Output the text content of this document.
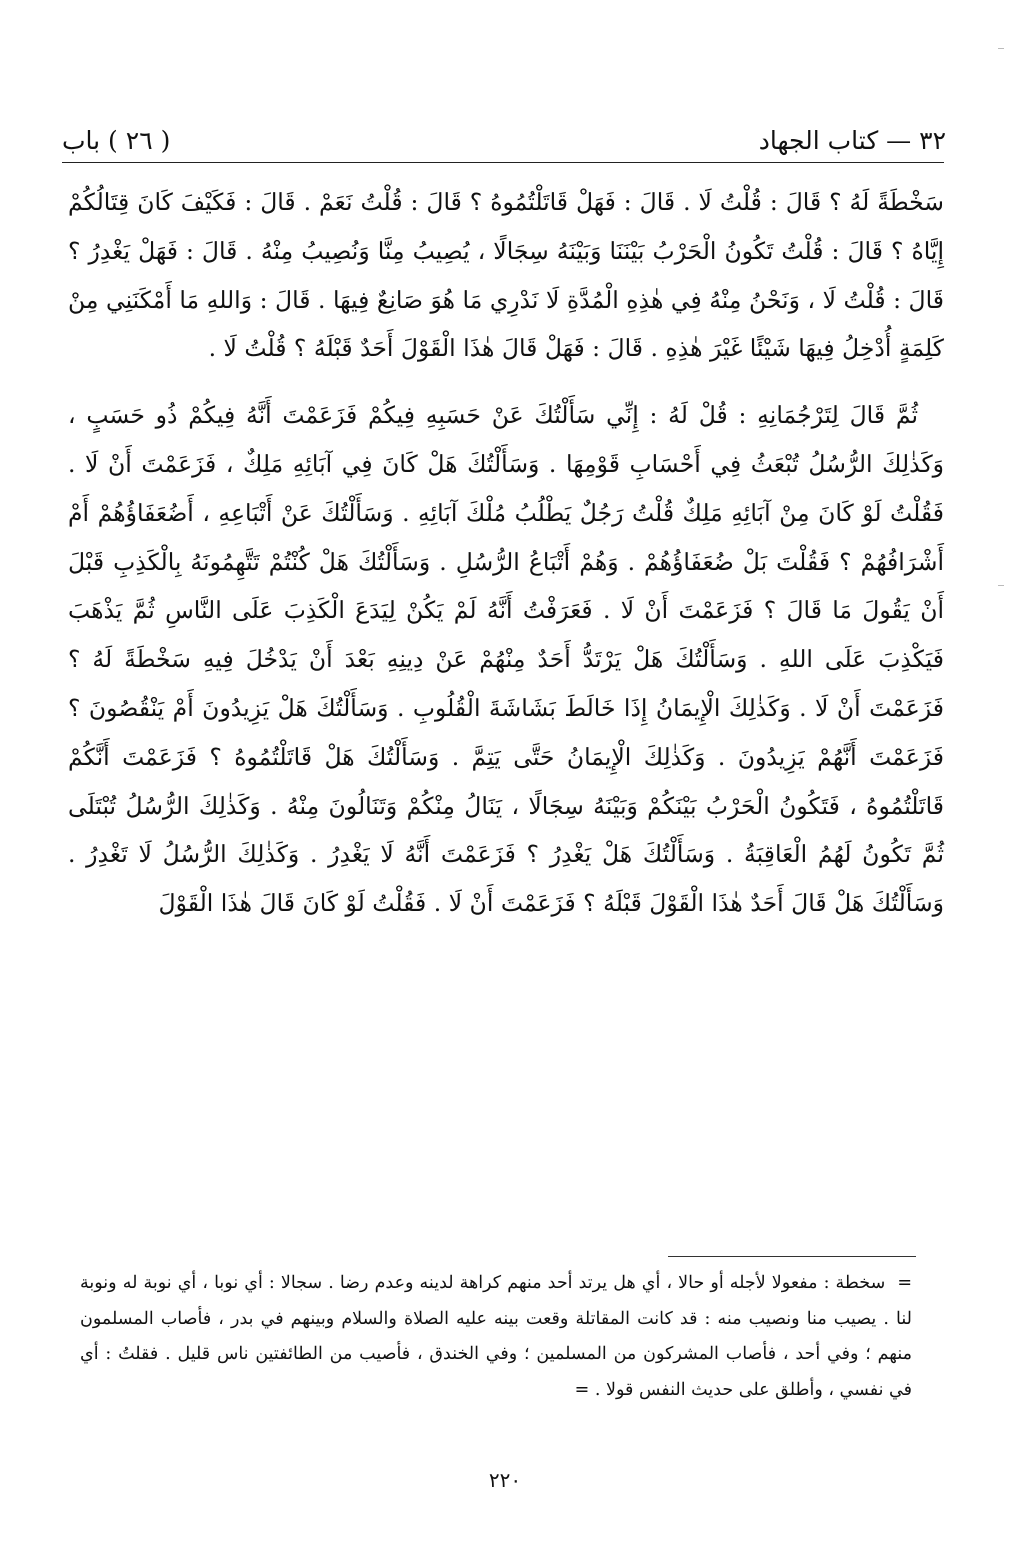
٣٢ — كتاب الجهاد
( ٢٦ ) باب

سَخْطَةً لَهُ ؟ قَالَ : قُلْتُ لَا . قَالَ : فَهَلْ قَاتَلْتُمُوهُ ؟ قَالَ : قُلْتُ نَعَمْ . قَالَ : فَكَيْفَ كَانَ قِتَالُكُمْ إِيَّاهُ ؟ قَالَ : قُلْتُ تَكُونُ الْحَرْبُ بَيْنَنَا وَبَيْنَهُ سِجَالًا ، يُصِيبُ مِنَّا وَنُصِيبُ مِنْهُ . قَالَ : فَهَلْ يَغْدِرُ ؟ قَالَ : قُلْتُ لَا ، وَنَحْنُ مِنْهُ فِي هٰذِهِ الْمُدَّةِ لَا نَدْرِي مَا هُوَ صَانِعٌ فِيهَا . قَالَ : وَاللهِ مَا أَمْكَنَنِي مِنْ كَلِمَةٍ أُدْخِلُ فِيهَا شَيْئًا غَيْرَ هٰذِهِ . قَالَ : فَهَلْ قَالَ هٰذَا الْقَوْلَ أَحَدٌ قَبْلَهُ ؟ قُلْتُ لَا .

ثُمَّ قَالَ لِتَرْجُمَانِهِ : قُلْ لَهُ : إِنِّي سَأَلْتُكَ عَنْ حَسَبِهِ فِيكُمْ فَزَعَمْتَ أَنَّهُ فِيكُمْ ذُو حَسَبٍ ، وَكَذٰلِكَ الرُّسُلُ تُبْعَثُ فِي أَحْسَابِ قَوْمِهَا . وَسَأَلْتُكَ هَلْ كَانَ فِي آبَائِهِ مَلِكٌ ، فَزَعَمْتَ أَنْ لَا . فَقُلْتُ لَوْ كَانَ مِنْ آبَائِهِ مَلِكٌ قُلْتُ رَجُلٌ يَطْلُبُ مُلْكَ آبَائِهِ . وَسَأَلْتُكَ عَنْ أَتْبَاعِهِ ، أَضُعَفَاؤُهُمْ أَمْ أَشْرَافُهُمْ ؟ فَقُلْتَ بَلْ ضُعَفَاؤُهُمْ . وَهُمْ أَتْبَاعُ الرُّسُلِ . وَسَأَلْتُكَ هَلْ كُنْتُمْ تَتَّهِمُونَهُ بِالْكَذِبِ قَبْلَ أَنْ يَقُولَ مَا قَالَ ؟ فَزَعَمْتَ أَنْ لَا . فَعَرَفْتُ أَنَّهُ لَمْ يَكُنْ لِيَدَعَ الْكَذِبَ عَلَى النَّاسِ ثُمَّ يَذْهَبَ فَيَكْذِبَ عَلَى اللهِ . وَسَأَلْتُكَ هَلْ يَرْتَدُّ أَحَدٌ مِنْهُمْ عَنْ دِينِهِ بَعْدَ أَنْ يَدْخُلَ فِيهِ سَخْطَةً لَهُ ؟ فَزَعَمْتَ أَنْ لَا . وَكَذٰلِكَ الْإِيمَانُ إِذَا خَالَطَ بَشَاشَةَ الْقُلُوبِ . وَسَأَلْتُكَ هَلْ يَزِيدُونَ أَمْ يَنْقُصُونَ ؟ فَزَعَمْتَ أَنَّهُمْ يَزِيدُونَ . وَكَذٰلِكَ الْإِيمَانُ حَتَّى يَتِمَّ . وَسَأَلْتُكَ هَلْ قَاتَلْتُمُوهُ ؟ فَزَعَمْتَ أَنَّكُمْ قَاتَلْتُمُوهُ ، فَتَكُونُ الْحَرْبُ بَيْنَكُمْ وَبَيْنَهُ سِجَالًا ، يَنَالُ مِنْكُمْ وَتَنَالُونَ مِنْهُ . وَكَذٰلِكَ الرُّسُلُ تُبْتَلَى ثُمَّ تَكُونُ لَهُمُ الْعَاقِبَةُ . وَسَأَلْتُكَ هَلْ يَغْدِرُ ؟ فَزَعَمْتَ أَنَّهُ لَا يَغْدِرُ . وَكَذٰلِكَ الرُّسُلُ لَا تَغْدِرُ . وَسَأَلْتُكَ هَلْ قَالَ أَحَدٌ هٰذَا الْقَوْلَ قَبْلَهُ ؟ فَزَعَمْتَ أَنْ لَا . فَقُلْتُ لَوْ كَانَ قَالَ هٰذَا الْقَوْلَ

= سخطة : مفعولا لأجله أو حالا ، أي هل يرتد أحد منهم كراهة لدينه وعدم رضا . سجالا : أي نوبا ، أي نوبة له ونوبة لنا . يصيب منا ونصيب منه : قد كانت المقاتلة وقعت بينه عليه الصلاة والسلام وبينهم في بدر ، فأصاب المسلمون منهم ؛ وفي أحد ، فأصاب المشركون من المسلمين ؛ وفي الخندق ، فأصيب من الطائفتين ناس قليل . فقلتُ : أي في نفسي ، وأطلق على حديث النفس قولا . =

٢٢٠
